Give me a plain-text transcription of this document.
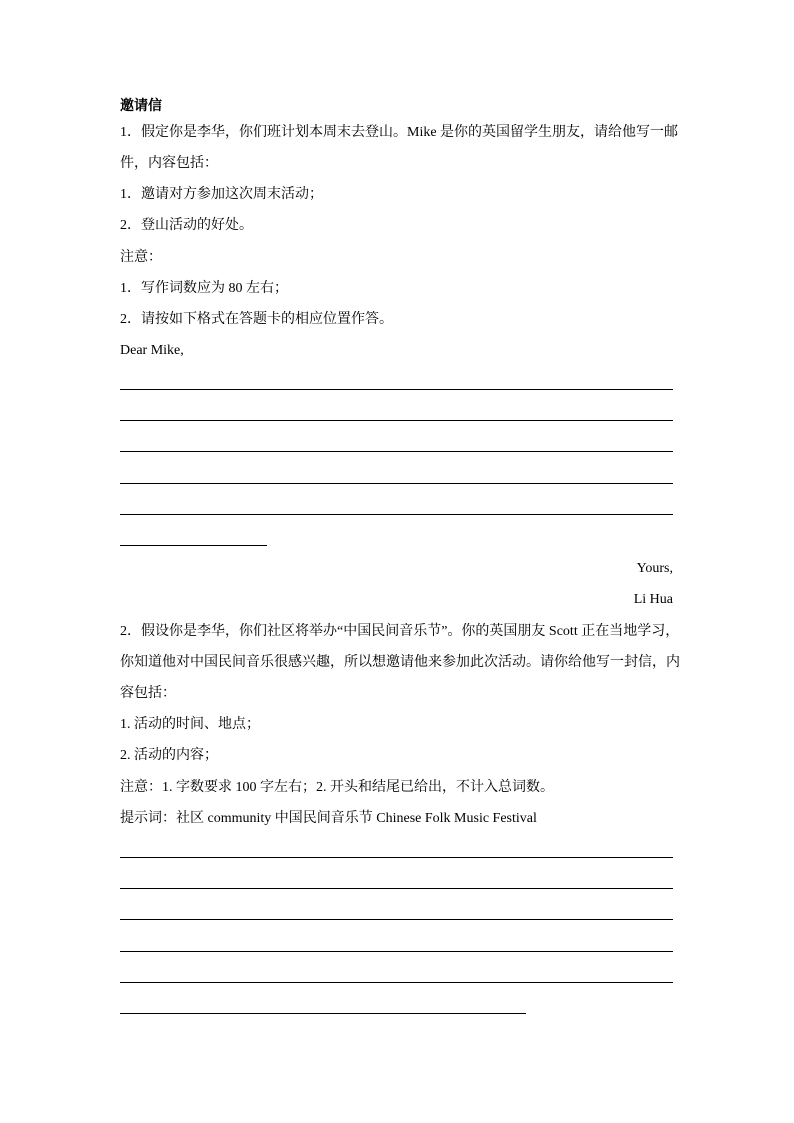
邀请信
1．假定你是李华，你们班计划本周末去登山。Mike 是你的英国留学生朋友，请给他写一邮
件，内容包括：
1．邀请对方参加这次周末活动；
2．登山活动的好处。
注意：
1．写作词数应为 80 左右；
2．请按如下格式在答题卡的相应位置作答。
Dear Mike,
Yours,
Li Hua
2．假设你是李华，你们社区将举办“中国民间音乐节”。你的英国朋友 Scott 正在当地学习，
你知道他对中国民间音乐很感兴趣，所以想邀请他来参加此次活动。请你给他写一封信，内
容包括：
1. 活动的时间、地点；
2. 活动的内容；
注意：1. 字数要求 100 字左右；2. 开头和结尾已给出，不计入总词数。
提示词：社区 community 中国民间音乐节 Chinese Folk Music Festival
